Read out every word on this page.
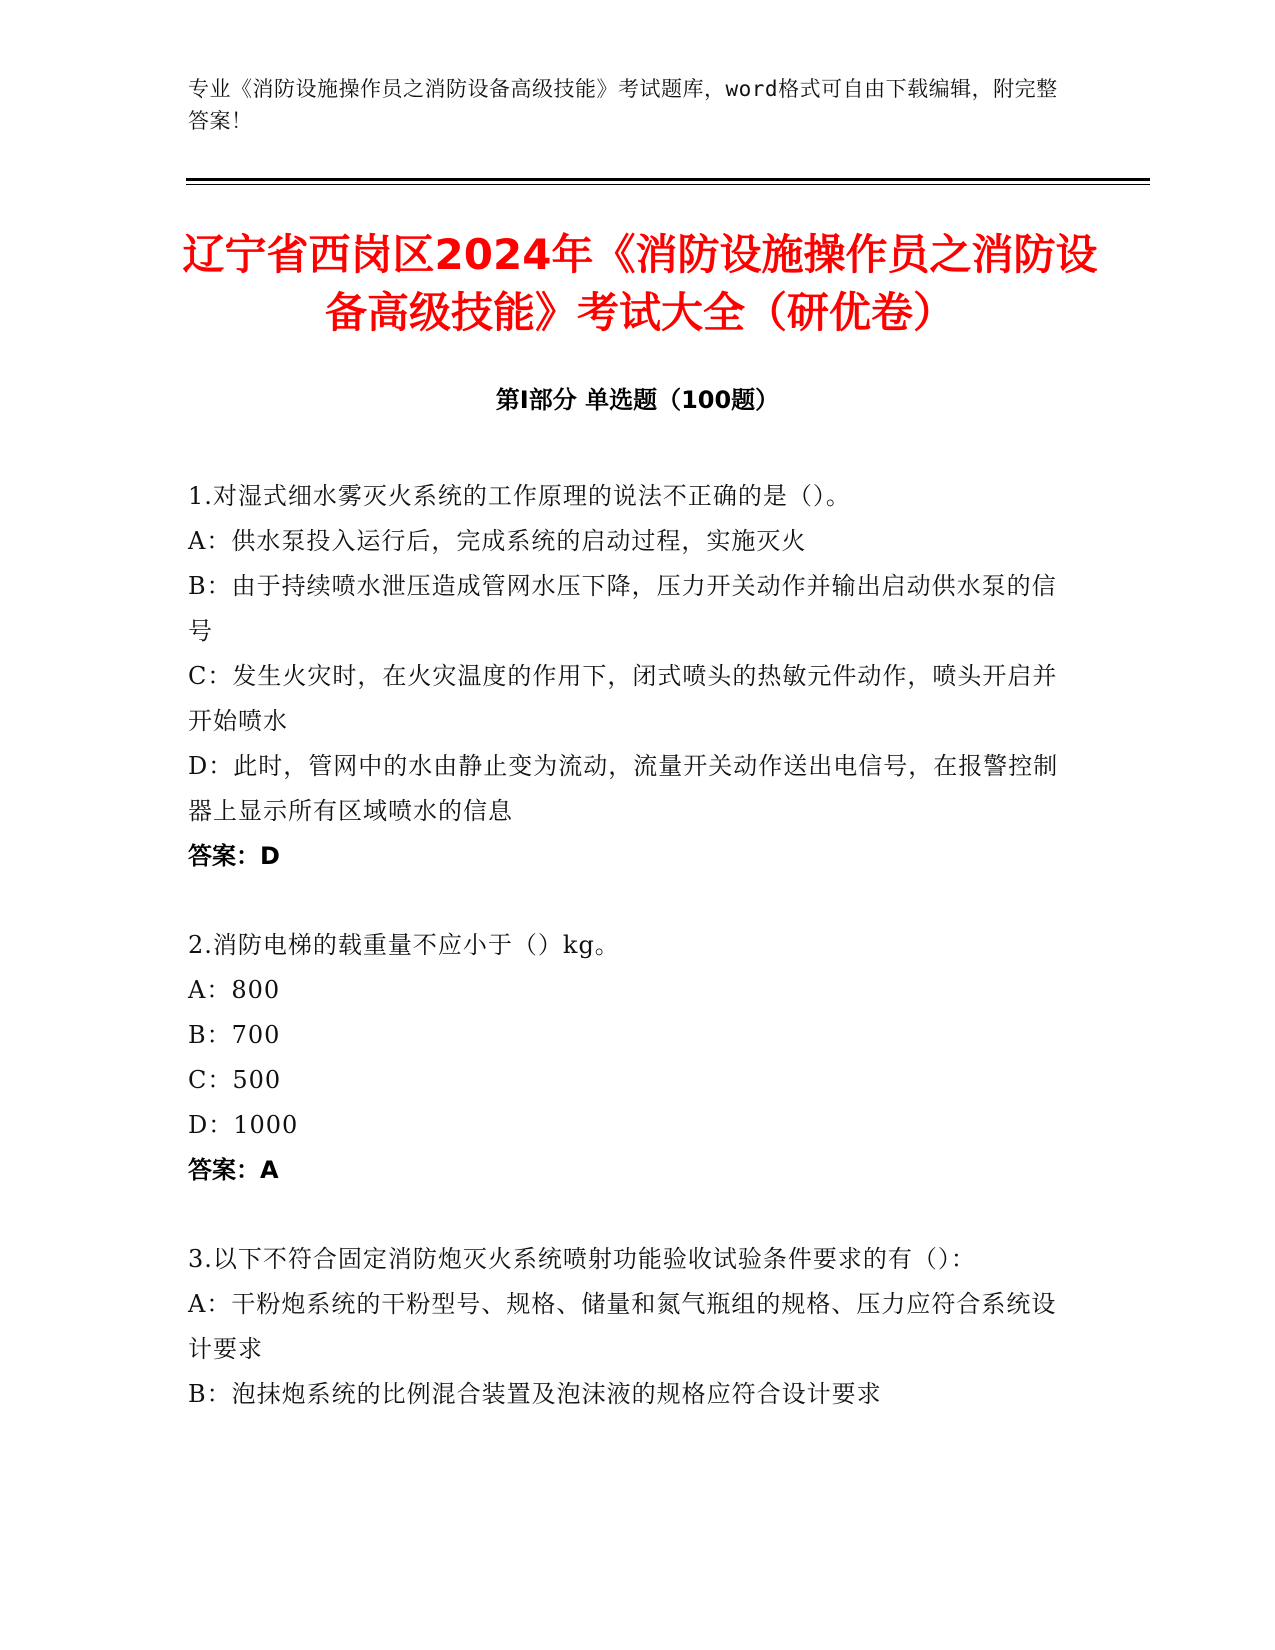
专业《消防设施操作员之消防设备高级技能》考试题库，word格式可自由下载编辑，附完整答案！
辽宁省西岗区2024年《消防设施操作员之消防设备高级技能》考试大全（研优卷）
第Ⅰ部分 单选题（100题）
1.对湿式细水雾灭火系统的工作原理的说法不正确的是（）。
A：供水泵投入运行后，完成系统的启动过程，实施灭火
B：由于持续喷水泄压造成管网水压下降，压力开关动作并输出启动供水泵的信号
C：发生火灾时，在火灾温度的作用下，闭式喷头的热敏元件动作，喷头开启并开始喷水
D：此时，管网中的水由静止变为流动，流量开关动作送出电信号，在报警控制器上显示所有区域喷水的信息
答案：D
2.消防电梯的载重量不应小于（）kg。
A：800
B：700
C：500
D：1000
答案：A
3.以下不符合固定消防炮灭火系统喷射功能验收试验条件要求的有（）：
A：干粉炮系统的干粉型号、规格、储量和氮气瓶组的规格、压力应符合系统设计要求
B：泡抹炮系统的比例混合装置及泡沫液的规格应符合设计要求
